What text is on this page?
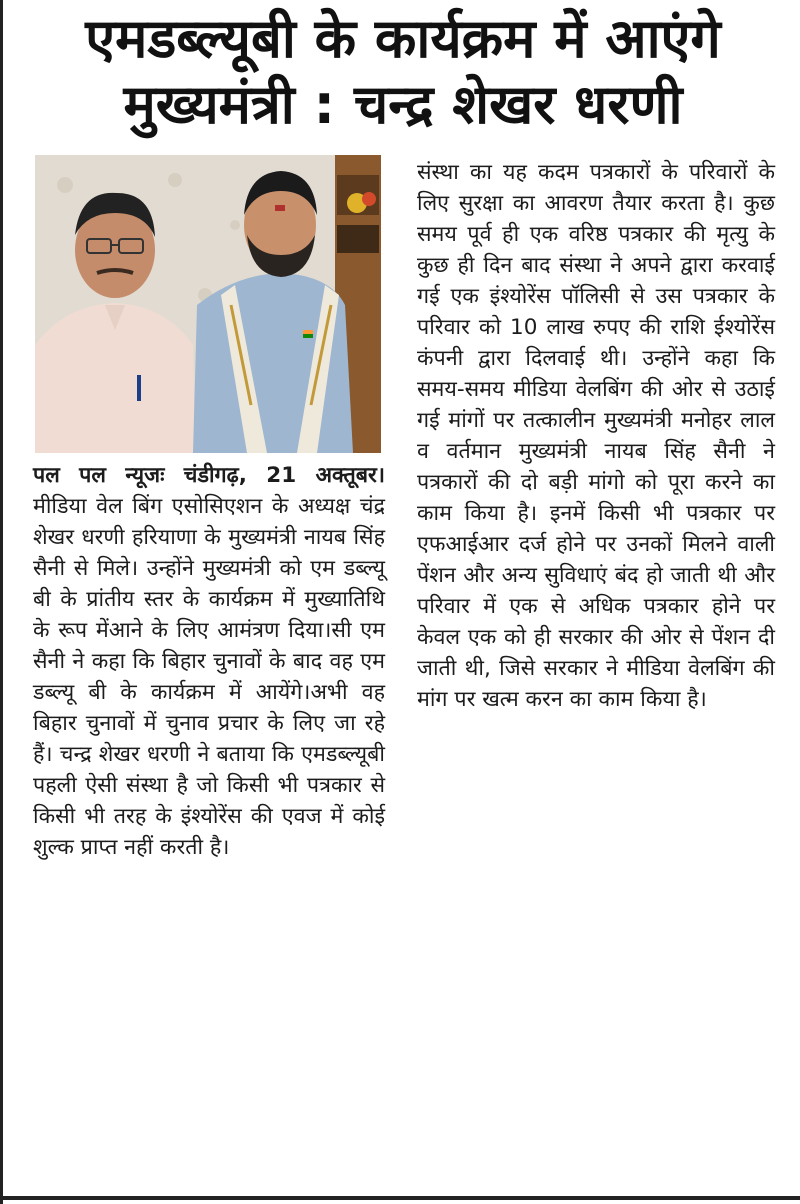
एमडब्ल्यूबी के कार्यक्रम में आएंगे
मुख्यमंत्री : चन्द्र शेखर धरणी
पल पल न्यूजः चंडीगढ़, 21 अक्तूबर। मीडिया वेल बिंग एसोसिएशन के अध्यक्ष चंद्र शेखर धरणी हरियाणा के मुख्यमंत्री नायब सिंह सैनी से मिले। उन्होंने मुख्यमंत्री को एम डब्ल्यू बी के प्रांतीय स्तर के कार्यक्रम में मुख्यातिथि के रूप मेंआने के लिए आमंत्रण दिया।सी एम सैनी ने कहा कि बिहार चुनावों के बाद वह एम डब्ल्यू बी के कार्यक्रम में आयेंगे।अभी वह बिहार चुनावों में चुनाव प्रचार के लिए जा रहे हैं। चन्द्र शेखर धरणी ने बताया कि एमडब्ल्यूबी पहली ऐसी संस्था है जो किसी भी पत्रकार से किसी भी तरह के इंश्योरेंस की एवज में कोई शुल्क प्राप्त नहीं करती है।
संस्था का यह कदम पत्रकारों के परिवारों के लिए सुरक्षा का आवरण तैयार करता है। कुछ समय पूर्व ही एक वरिष्ठ पत्रकार की मृत्यु के कुछ ही दिन बाद संस्था ने अपने द्वारा करवाई गई एक इंश्योरेंस पॉलिसी से उस पत्रकार के परिवार को 10 लाख रुपए की राशि ईश्योरेंस कंपनी द्वारा दिलवाई थी। उन्होंने कहा कि समय-समय मीडिया वेलबिंग की ओर से उठाई गई मांगों पर तत्कालीन मुख्यमंत्री मनोहर लाल व वर्तमान मुख्यमंत्री नायब सिंह सैनी ने पत्रकारों की दो बड़ी मांगो को पूरा करने का काम किया है। इनमें किसी भी पत्रकार पर एफआईआर दर्ज होने पर उनकों मिलने वाली पेंशन और अन्य सुविधाएं बंद हो जाती थी और परिवार में एक से अधिक पत्रकार होने पर केवल एक को ही सरकार की ओर से पेंशन दी जाती थी, जिसे सरकार ने मीडिया वेलबिंग की मांग पर खत्म करन का काम किया है।
